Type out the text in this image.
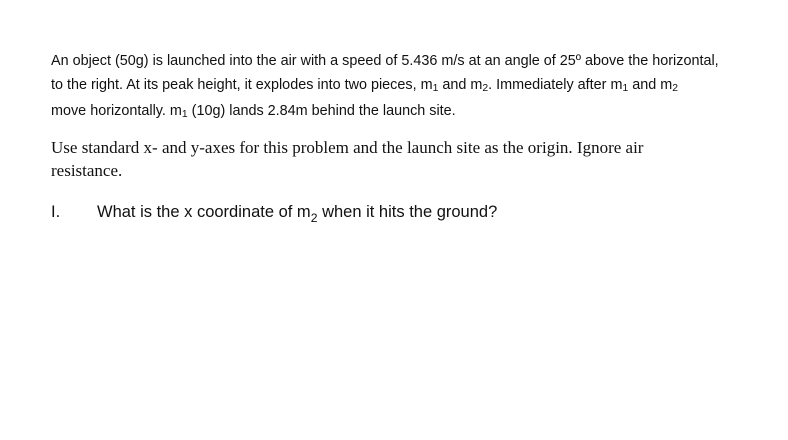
An object (50g) is launched into the air with a speed of 5.436 m/s at an angle of 25º above the horizontal,
to the right. At its peak height, it explodes into two pieces, m1 and m2. Immediately after m1 and m2
move horizontally. m1 (10g) lands 2.84m behind the launch site.
Use standard x- and y-axes for this problem and the launch site as the origin. Ignore air
resistance.
I. What is the x coordinate of $m_2$ when it hits the ground?
